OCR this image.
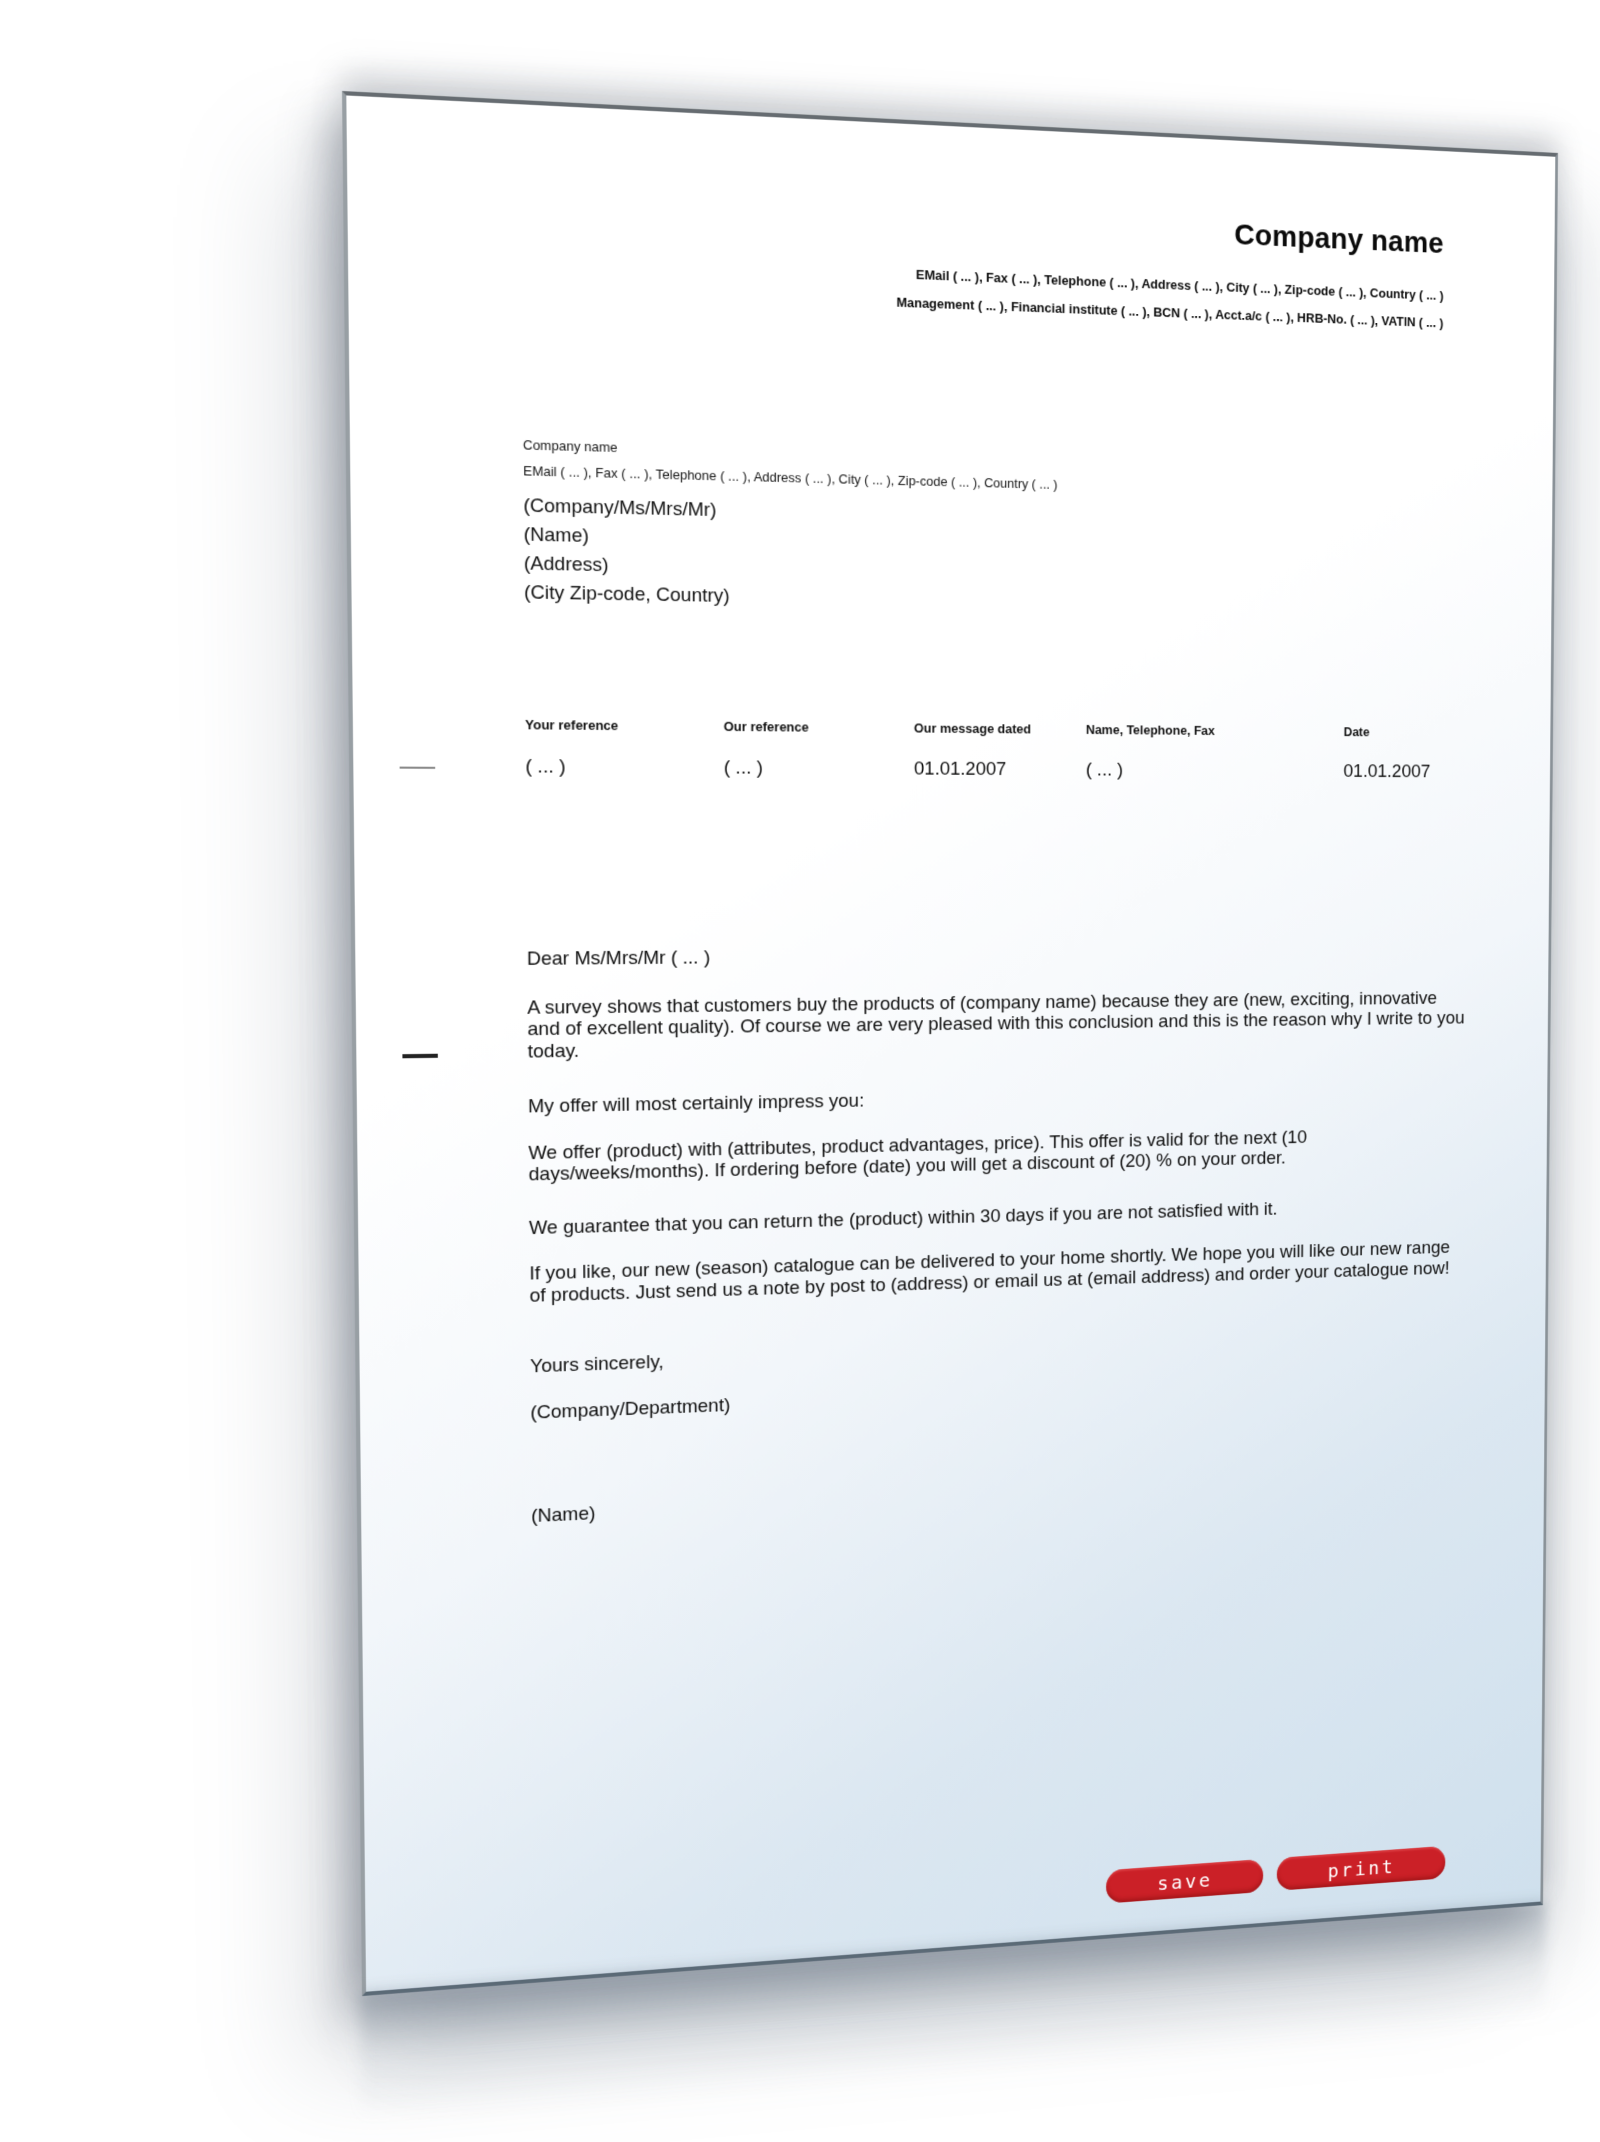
Company name
EMail ( ... ), Fax ( ... ), Telephone ( ... ), Address ( ... ), City ( ... ), Zip-code ( ... ), Country ( ... )
Management ( ... ), Financial institute ( ... ), BCN ( ... ), Acct.a/c ( ... ), HRB-No. ( ... ), VATIN ( ... )
Company name
EMail ( ... ), Fax ( ... ), Telephone ( ... ), Address ( ... ), City ( ... ), Zip-code ( ... ), Country ( ... )
(Company/Ms/Mrs/Mr)
(Name)
(Address)
(City Zip-code, Country)
Your reference
( ... )
Our reference
( ... )
Our message dated
01.01.2007
Name, Telephone, Fax
( ... )
Date
01.01.2007

Dear Ms/Mrs/Mr ( ... )

A survey shows that customers buy the products of (company name) because they are (new, exciting, innovative and of excellent quality). Of course we are very pleased with this conclusion and this is the reason why I write to you today.

My offer will most certainly impress you:

We offer (product) with (attributes, product advantages, price). This offer is valid for the next (10 days/weeks/months). If ordering before (date) you will get a discount of (20) % on your order.

We guarantee that you can return the (product) within 30 days if you are not satisfied with it.

If you like, our new (season) catalogue can be delivered to your home shortly. We hope you will like our new range of products. Just send us a note by post to (address) or email us at (email address) and order your catalogue now!

Yours sincerely,

(Company/Department)

(Name)

save	print
